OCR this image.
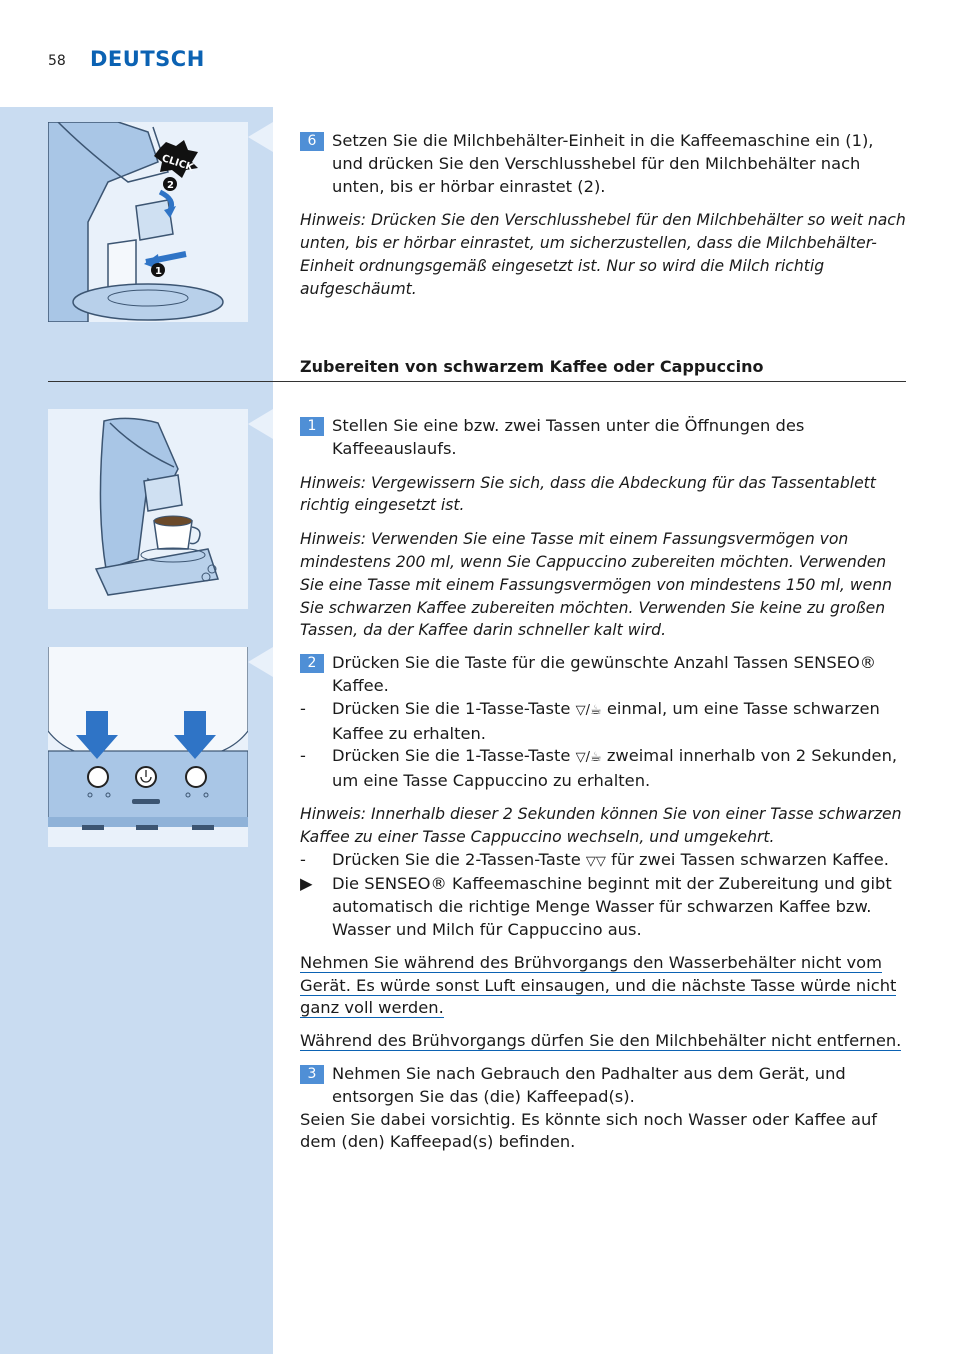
58 DEUTSCH
CLICK
2
1
6 Setzen Sie die Milchbehälter-Einheit in die Kaffeemaschine ein (1), und drücken Sie den Verschlusshebel für den Milchbehälter nach unten, bis er hörbar einrastet (2).
Hinweis: Drücken Sie den Verschlusshebel für den Milchbehälter so weit nach unten, bis er hörbar einrastet, um sicherzustellen, dass die Milchbehälter-Einheit ordnungsgemäß eingesetzt ist. Nur so wird die Milch richtig aufgeschäumt.
Zubereiten von schwarzem Kaffee oder Cappuccino
1 Stellen Sie eine bzw. zwei Tassen unter die Öffnungen des Kaffeeauslaufs.
Hinweis: Vergewissern Sie sich, dass die Abdeckung für das Tassentablett richtig eingesetzt ist.
Hinweis: Verwenden Sie eine Tasse mit einem Fassungsvermögen von mindestens 200 ml, wenn Sie Cappuccino zubereiten möchten. Verwenden Sie eine Tasse mit einem Fassungsvermögen von mindestens 150 ml, wenn Sie schwarzen Kaffee zubereiten möchten. Verwenden Sie keine zu großen Tassen, da der Kaffee darin schneller kalt wird.
2 Drücken Sie die Taste für die gewünschte Anzahl Tassen SENSEO® Kaffee.
- Drücken Sie die 1-Tasse-Taste ▽/☕ einmal, um eine Tasse schwarzen Kaffee zu erhalten.
- Drücken Sie die 1-Tasse-Taste ▽/☕ zweimal innerhalb von 2 Sekunden, um eine Tasse Cappuccino zu erhalten.
Hinweis: Innerhalb dieser 2 Sekunden können Sie von einer Tasse schwarzen Kaffee zu einer Tasse Cappuccino wechseln, und umgekehrt.
- Drücken Sie die 2-Tassen-Taste ▽▽ für zwei Tassen schwarzen Kaffee.
▶ Die SENSEO® Kaffeemaschine beginnt mit der Zubereitung und gibt automatisch die richtige Menge Wasser für schwarzen Kaffee bzw. Wasser und Milch für Cappuccino aus.
Nehmen Sie während des Brühvorgangs den Wasserbehälter nicht vom Gerät. Es würde sonst Luft einsaugen, und die nächste Tasse würde nicht ganz voll werden.
Während des Brühvorgangs dürfen Sie den Milchbehälter nicht entfernen.
3 Nehmen Sie nach Gebrauch den Padhalter aus dem Gerät, und entsorgen Sie das (die) Kaffeepad(s).
Seien Sie dabei vorsichtig. Es könnte sich noch Wasser oder Kaffee auf dem (den) Kaffeepad(s) befinden.
